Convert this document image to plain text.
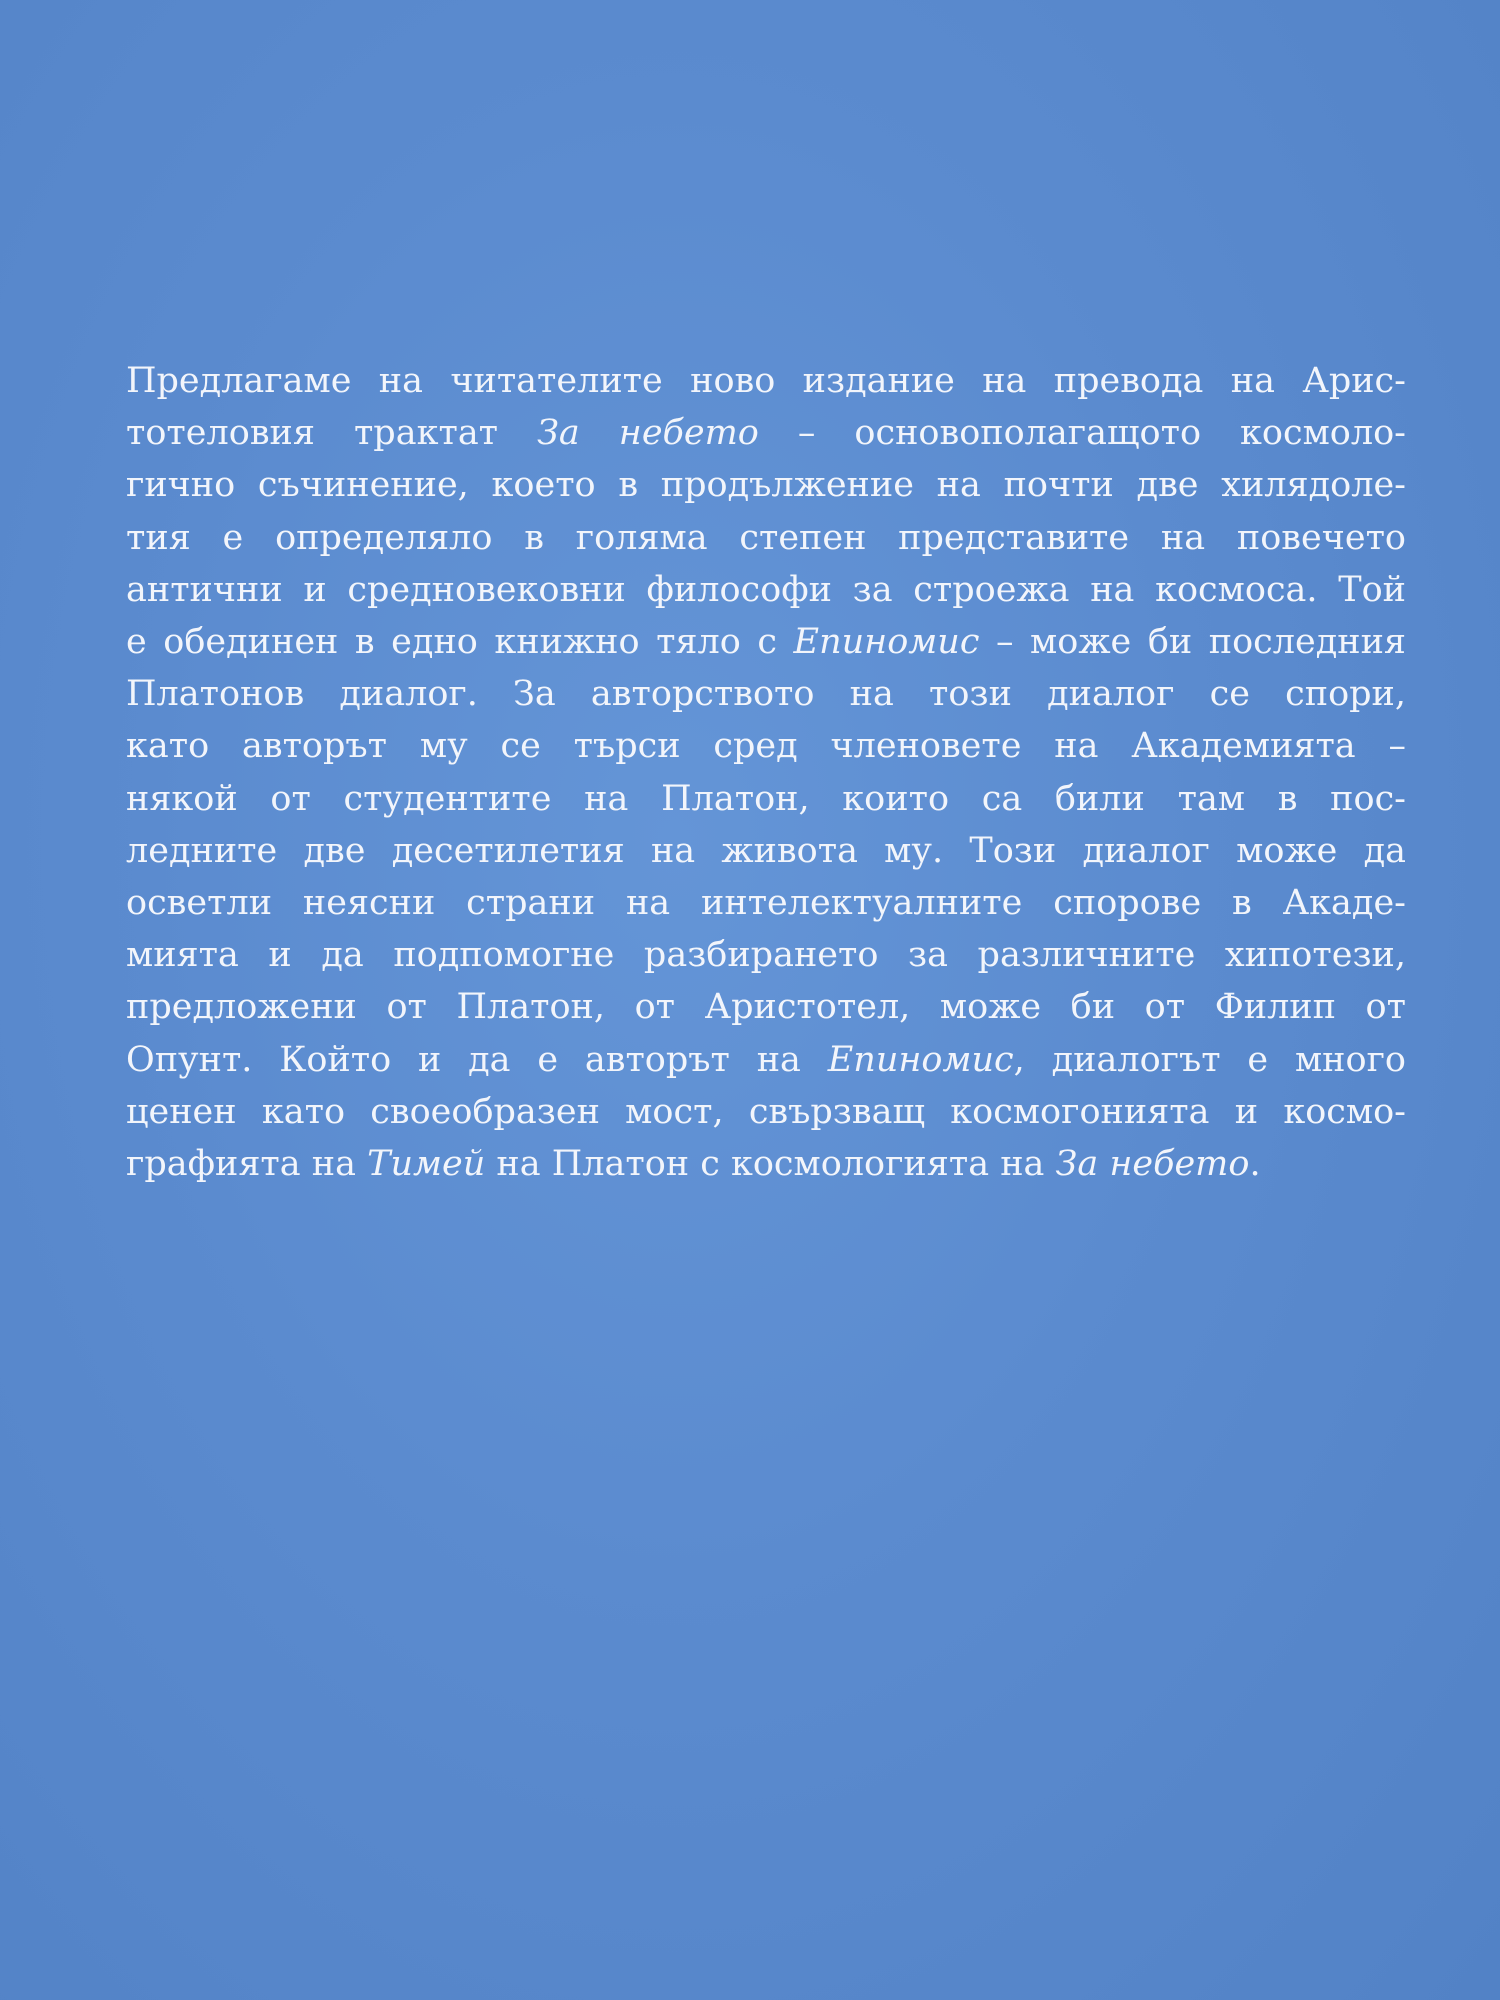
Предлагаме на читателите ново издание на превода на Арис-
тотеловия трактат За небето – основополагащото космоло-
гично съчинение, което в продължение на почти две хилядоле-
тия е определяло в голяма степен представите на повечето
антични и средновековни философи за строежа на космоса. Той
е обединен в едно книжно тяло с Епиномис – може би последния
Платонов диалог. За авторството на този диалог се спори,
като авторът му се търси сред членовете на Академията –
някой от студентите на Платон, които са били там в пос-
ледните две десетилетия на живота му. Този диалог може да
осветли неясни страни на интелектуалните спорове в Акаде-
мията и да подпомогне разбирането за различните хипотези,
предложени от Платон, от Аристотел, може би от Филип от
Опунт. Който и да е авторът на Епиномис, диалогът е много
ценен като своеобразен мост, свързващ космогонията и космо-
графията на Тимей на Платон с космологията на За небето.
